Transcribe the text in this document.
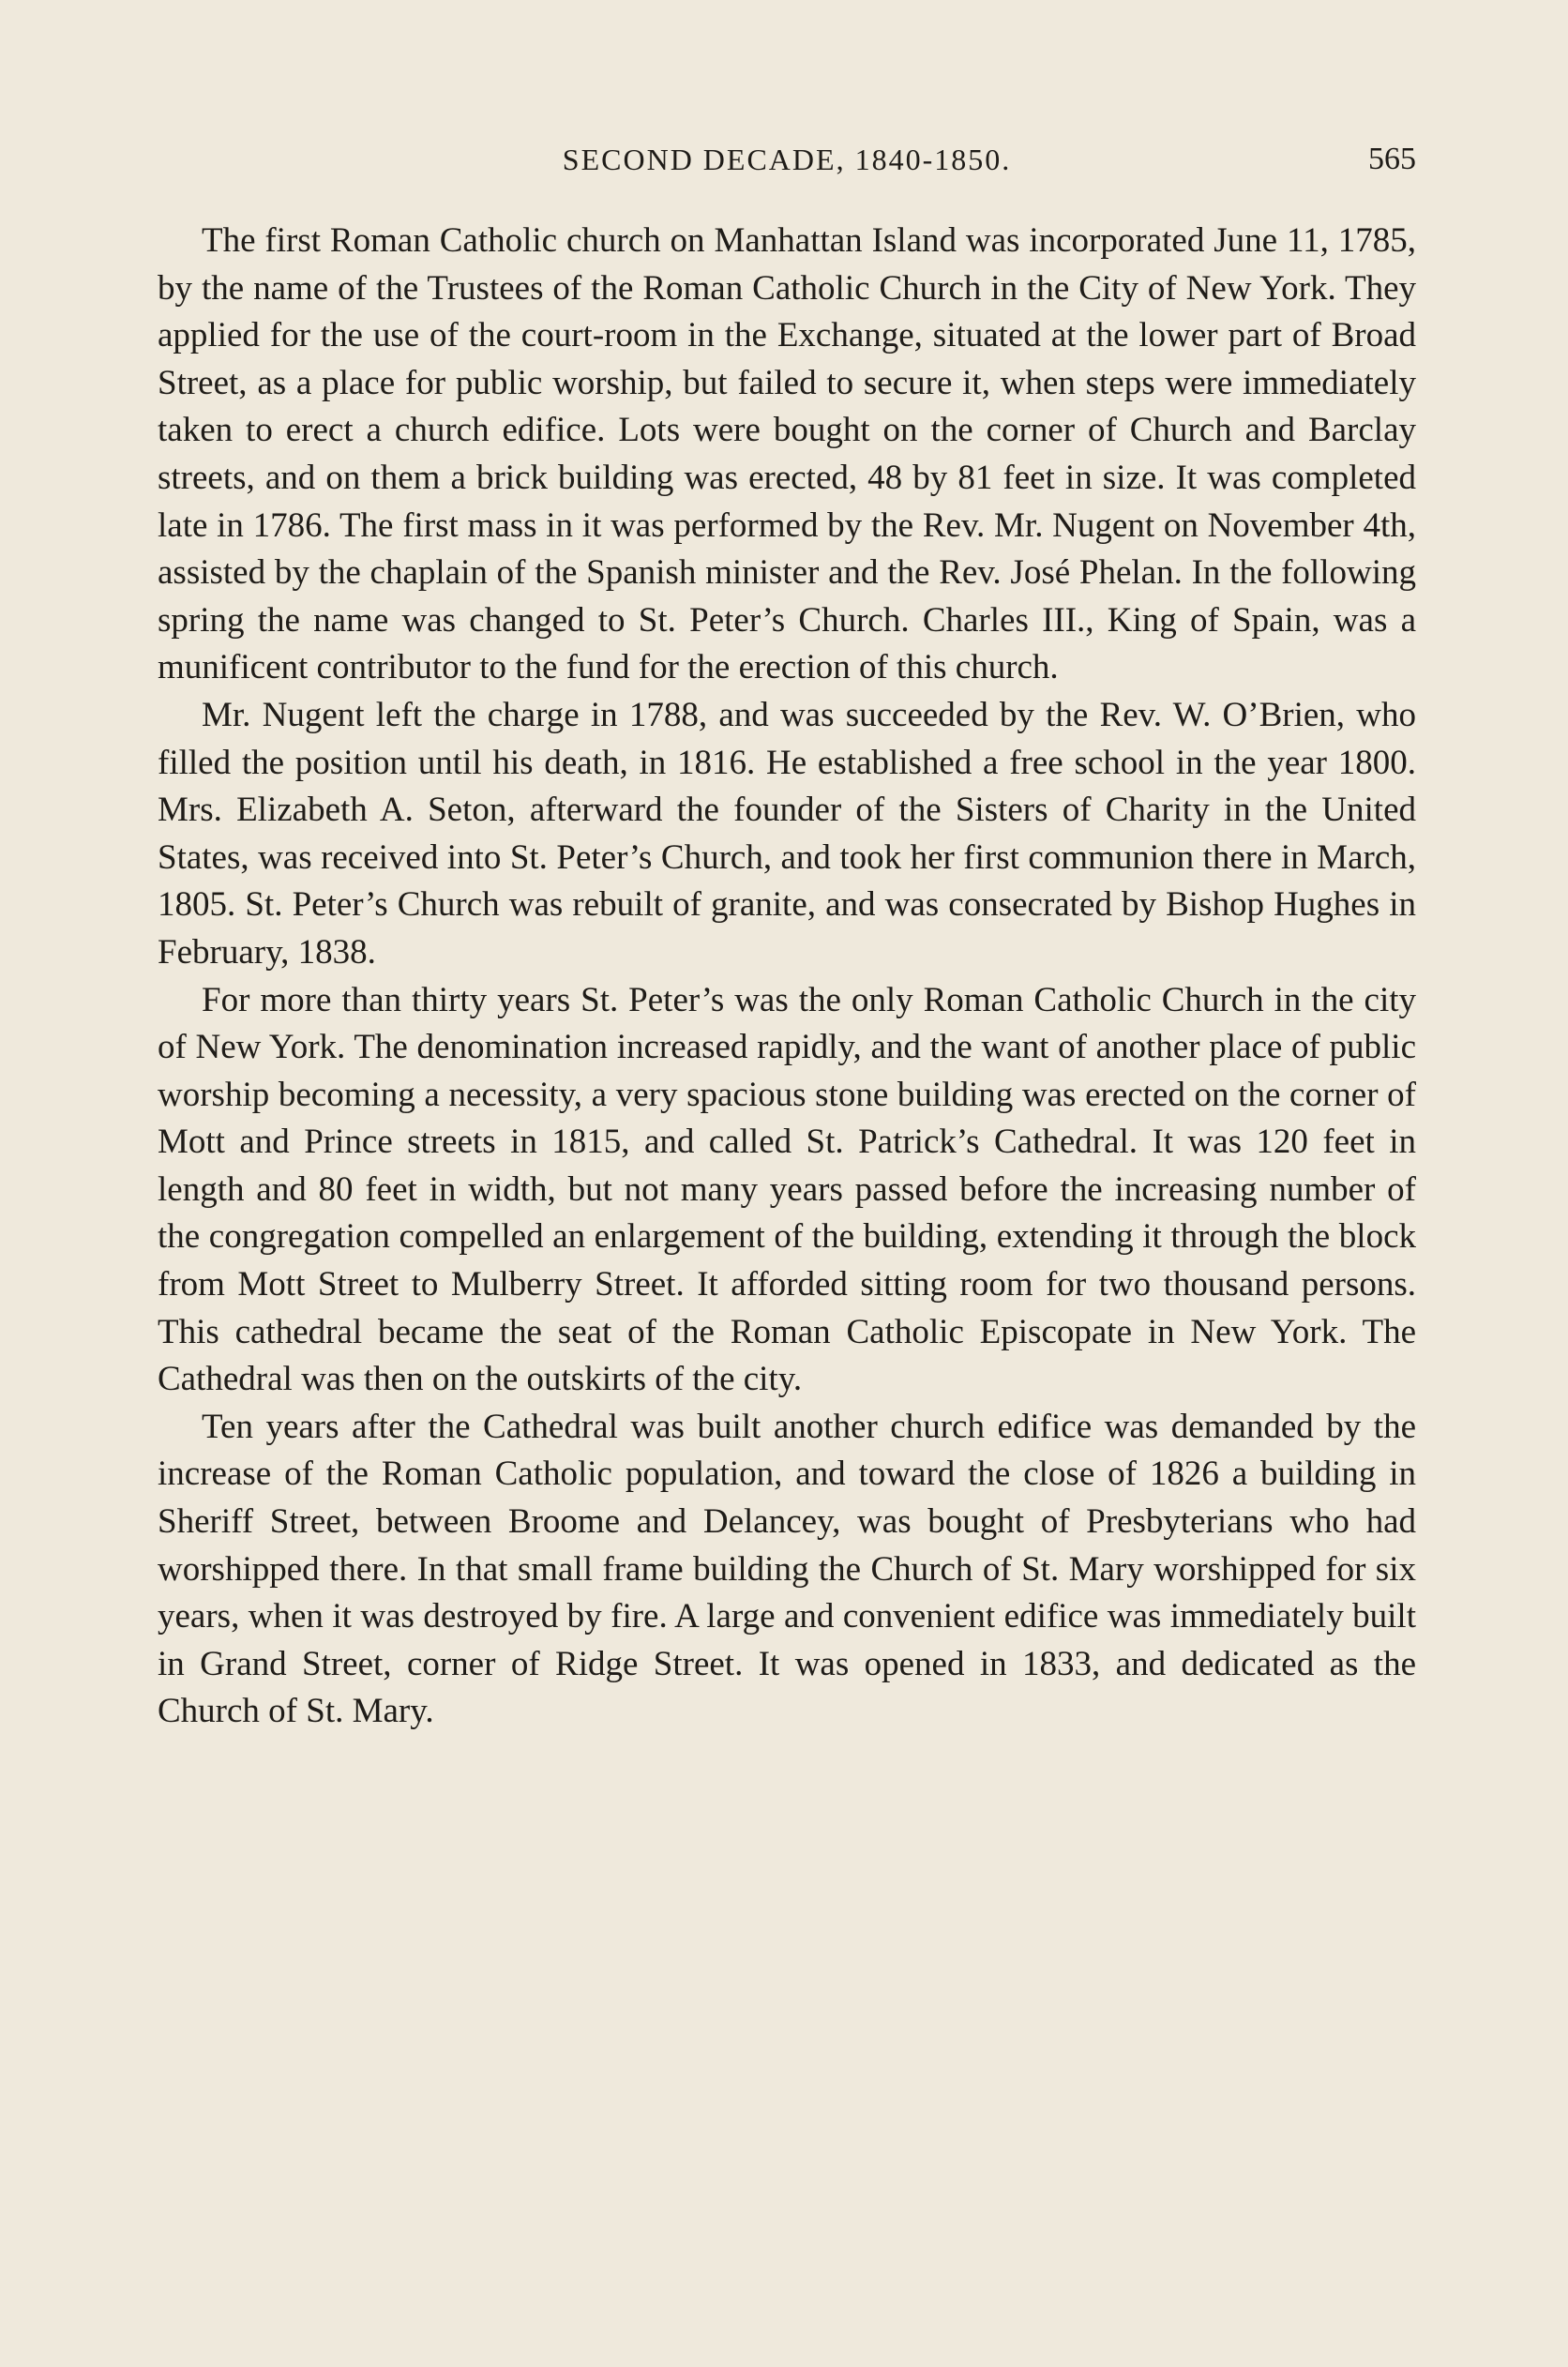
SECOND DECADE, 1840-1850.	565

The first Roman Catholic church on Manhattan Island was incorporated June 11, 1785, by the name of the Trustees of the Roman Catholic Church in the City of New York. They applied for the use of the court-room in the Exchange, situated at the lower part of Broad Street, as a place for public worship, but failed to secure it, when steps were immediately taken to erect a church edifice. Lots were bought on the corner of Church and Barclay streets, and on them a brick building was erected, 48 by 81 feet in size. It was completed late in 1786. The first mass in it was performed by the Rev. Mr. Nugent on November 4th, assisted by the chaplain of the Spanish minister and the Rev. José Phelan. In the following spring the name was changed to St. Peter’s Church. Charles III., King of Spain, was a munificent contributor to the fund for the erection of this church.

Mr. Nugent left the charge in 1788, and was succeeded by the Rev. W. O’Brien, who filled the position until his death, in 1816. He established a free school in the year 1800. Mrs. Elizabeth A. Seton, afterward the founder of the Sisters of Charity in the United States, was received into St. Peter’s Church, and took her first communion there in March, 1805. St. Peter’s Church was rebuilt of granite, and was consecrated by Bishop Hughes in February, 1838.

For more than thirty years St. Peter’s was the only Roman Catholic Church in the city of New York. The denomination increased rapidly, and the want of another place of public worship becoming a necessity, a very spacious stone building was erected on the corner of Mott and Prince streets in 1815, and called St. Patrick’s Cathedral. It was 120 feet in length and 80 feet in width, but not many years passed before the increasing number of the congregation compelled an enlargement of the building, extending it through the block from Mott Street to Mulberry Street. It afforded sitting room for two thousand persons. This cathedral became the seat of the Roman Catholic Episcopate in New York. The Cathedral was then on the outskirts of the city.

Ten years after the Cathedral was built another church edifice was demanded by the increase of the Roman Catholic population, and toward the close of 1826 a building in Sheriff Street, between Broome and Delancey, was bought of Presbyterians who had worshipped there. In that small frame building the Church of St. Mary worshipped for six years, when it was destroyed by fire. A large and convenient edifice was immediately built in Grand Street, corner of Ridge Street. It was opened in 1833, and dedicated as the Church of St. Mary.
